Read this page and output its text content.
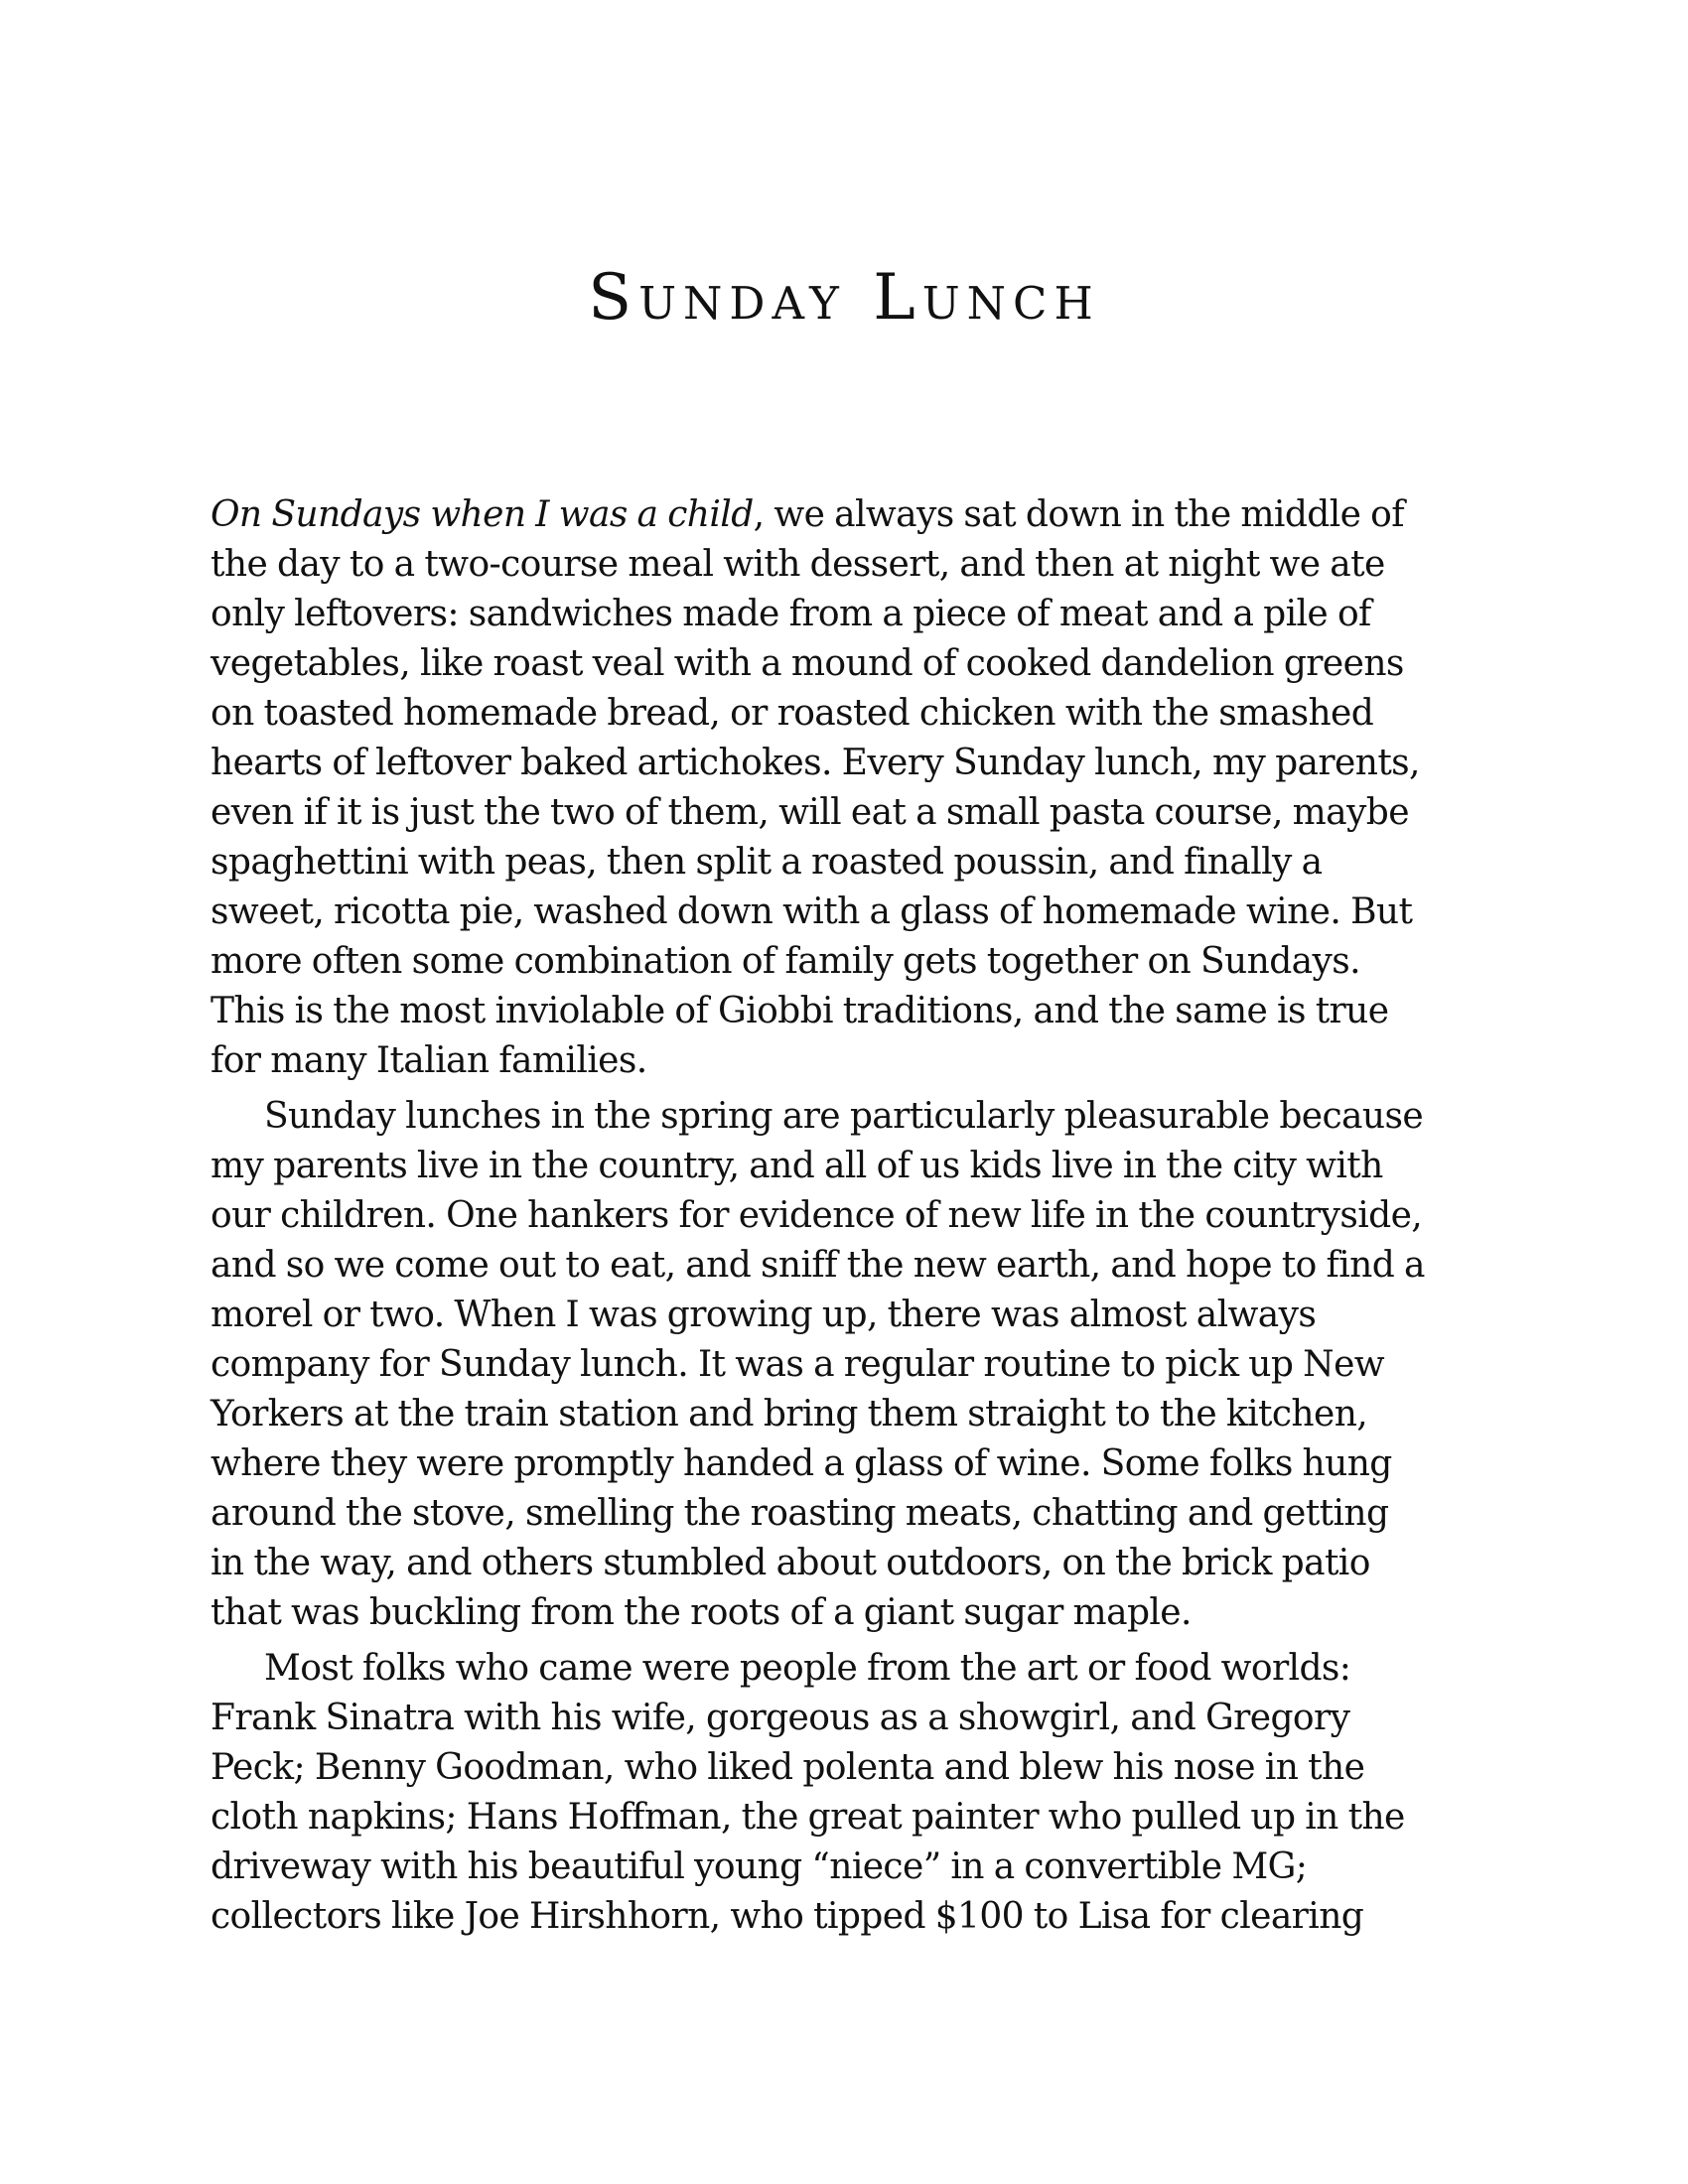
Sunday Lunch
On Sundays when I was a child, we always sat down in the middle of
the day to a two-course meal with dessert, and then at night we ate
only leftovers: sandwiches made from a piece of meat and a pile of
vegetables, like roast veal with a mound of cooked dandelion greens
on toasted homemade bread, or roasted chicken with the smashed
hearts of leftover baked artichokes. Every Sunday lunch, my parents,
even if it is just the two of them, will eat a small pasta course, maybe
spaghettini with peas, then split a roasted poussin, and finally a
sweet, ricotta pie, washed down with a glass of homemade wine. But
more often some combination of family gets together on Sundays.
This is the most inviolable of Giobbi traditions, and the same is true
for many Italian families.
Sunday lunches in the spring are particularly pleasurable because
my parents live in the country, and all of us kids live in the city with
our children. One hankers for evidence of new life in the countryside,
and so we come out to eat, and sniff the new earth, and hope to find a
morel or two. When I was growing up, there was almost always
company for Sunday lunch. It was a regular routine to pick up New
Yorkers at the train station and bring them straight to the kitchen,
where they were promptly handed a glass of wine. Some folks hung
around the stove, smelling the roasting meats, chatting and getting
in the way, and others stumbled about outdoors, on the brick patio
that was buckling from the roots of a giant sugar maple.
Most folks who came were people from the art or food worlds:
Frank Sinatra with his wife, gorgeous as a showgirl, and Gregory
Peck; Benny Goodman, who liked polenta and blew his nose in the
cloth napkins; Hans Hoffman, the great painter who pulled up in the
driveway with his beautiful young “niece” in a convertible MG;
collectors like Joe Hirshhorn, who tipped $100 to Lisa for clearing
